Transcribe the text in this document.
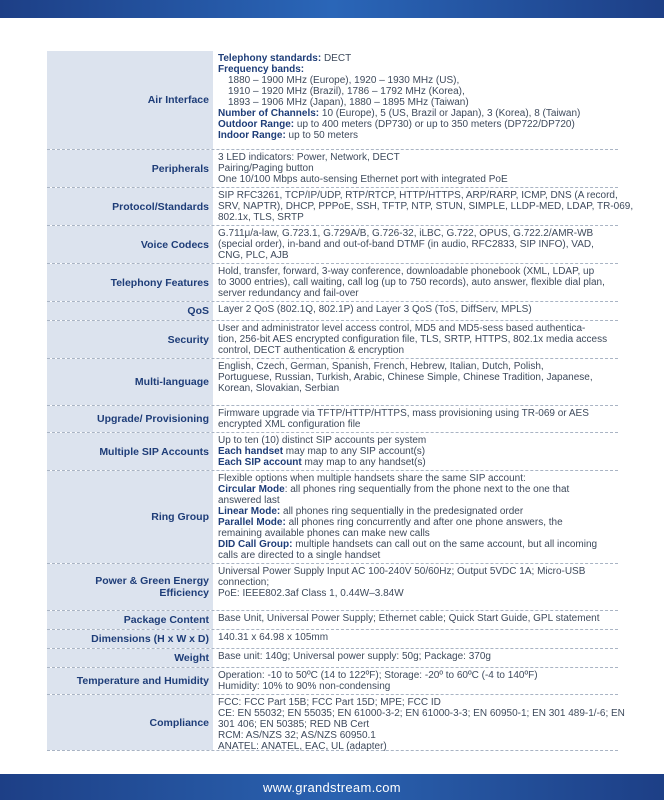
Air Interface
Telephony standards: DECT
Frequency bands:
1880 – 1900 MHz (Europe), 1920 – 1930 MHz (US),
1910 – 1920 MHz (Brazil), 1786 – 1792 MHz (Korea),
1893 – 1906 MHz (Japan), 1880 – 1895 MHz (Taiwan)
Number of Channels: 10 (Europe), 5 (US, Brazil or Japan), 3 (Korea), 8 (Taiwan)
Outdoor Range: up to 400 meters (DP730) or up to 350 meters (DP722/DP720)
Indoor Range: up to 50 meters
Peripherals
3 LED indicators: Power, Network, DECT
Pairing/Paging button
One 10/100 Mbps auto-sensing Ethernet port with integrated PoE
Protocol/Standards
SIP RFC3261, TCP/IP/UDP, RTP/RTCP, HTTP/HTTPS, ARP/RARP, ICMP, DNS (A record,
SRV, NAPTR), DHCP, PPPoE, SSH, TFTP, NTP, STUN, SIMPLE, LLDP-MED, LDAP, TR-069,
802.1x, TLS, SRTP
Voice Codecs
G.711μ/a-law, G.723.1, G.729A/B, G.726-32, iLBC, G.722, OPUS, G.722.2/AMR-WB
(special order), in-band and out-of-band DTMF (in audio, RFC2833, SIP INFO), VAD,
CNG, PLC, AJB
Telephony Features
Hold, transfer, forward, 3-way conference, downloadable phonebook (XML, LDAP, up
to 3000 entries), call waiting, call log (up to 750 records), auto answer, flexible dial plan,
server redundancy and fail-over
QoS Layer 2 QoS (802.1Q, 802.1P) and Layer 3 QoS (ToS, DiffServ, MPLS)
Security
User and administrator level access control, MD5 and MD5-sess based authentica-
tion, 256-bit AES encrypted configuration file, TLS, SRTP, HTTPS, 802.1x media access
control, DECT authentication & encryption
Multi-language
English, Czech, German, Spanish, French, Hebrew, Italian, Dutch, Polish,
Portuguese, Russian, Turkish, Arabic, Chinese Simple, Chinese Tradition, Japanese,
Korean, Slovakian, Serbian
Upgrade/ Provisioning Firmware upgrade via TFTP/HTTP/HTTPS, mass provisioning using TR-069 or AES
encrypted XML configuration file
Multiple SIP Accounts
Up to ten (10) distinct SIP accounts per system
Each handset may map to any SIP account(s)
Each SIP account may map to any handset(s)
Ring Group
Flexible options when multiple handsets share the same SIP account:
Circular Mode: all phones ring sequentially from the phone next to the one that
answered last
Linear Mode: all phones ring sequentially in the predesignated order
Parallel Mode: all phones ring concurrently and after one phone answers, the
remaining available phones can make new calls
DID Call Group: multiple handsets can call out on the same account, but all incoming
calls are directed to a single handset
Power & Green Energy Efficiency
Universal Power Supply Input AC 100-240V 50/60Hz; Output 5VDC 1A; Micro-USB
connection;
PoE: IEEE802.3af Class 1, 0.44W–3.84W
Package Content Base Unit, Universal Power Supply; Ethernet cable; Quick Start Guide, GPL statement
Dimensions (H x W x D) 140.31 x 64.98 x 105mm
Weight Base unit: 140g; Universal power supply: 50g; Package: 370g
Temperature and Humidity Operation: -10 to 50ºC (14 to 122ºF); Storage: -20º to 60ºC (-4 to 140ºF)
Humidity: 10% to 90% non-condensing
Compliance
FCC: FCC Part 15B; FCC Part 15D; MPE; FCC ID
CE: EN 55032; EN 55035; EN 61000-3-2; EN 61000-3-3; EN 60950-1; EN 301 489-1/-6; EN
301 406; EN 50385; RED NB Cert
RCM: AS/NZS 32; AS/NZS 60950.1
ANATEL: ANATEL, EAC, UL (adapter)
www.grandstream.com
